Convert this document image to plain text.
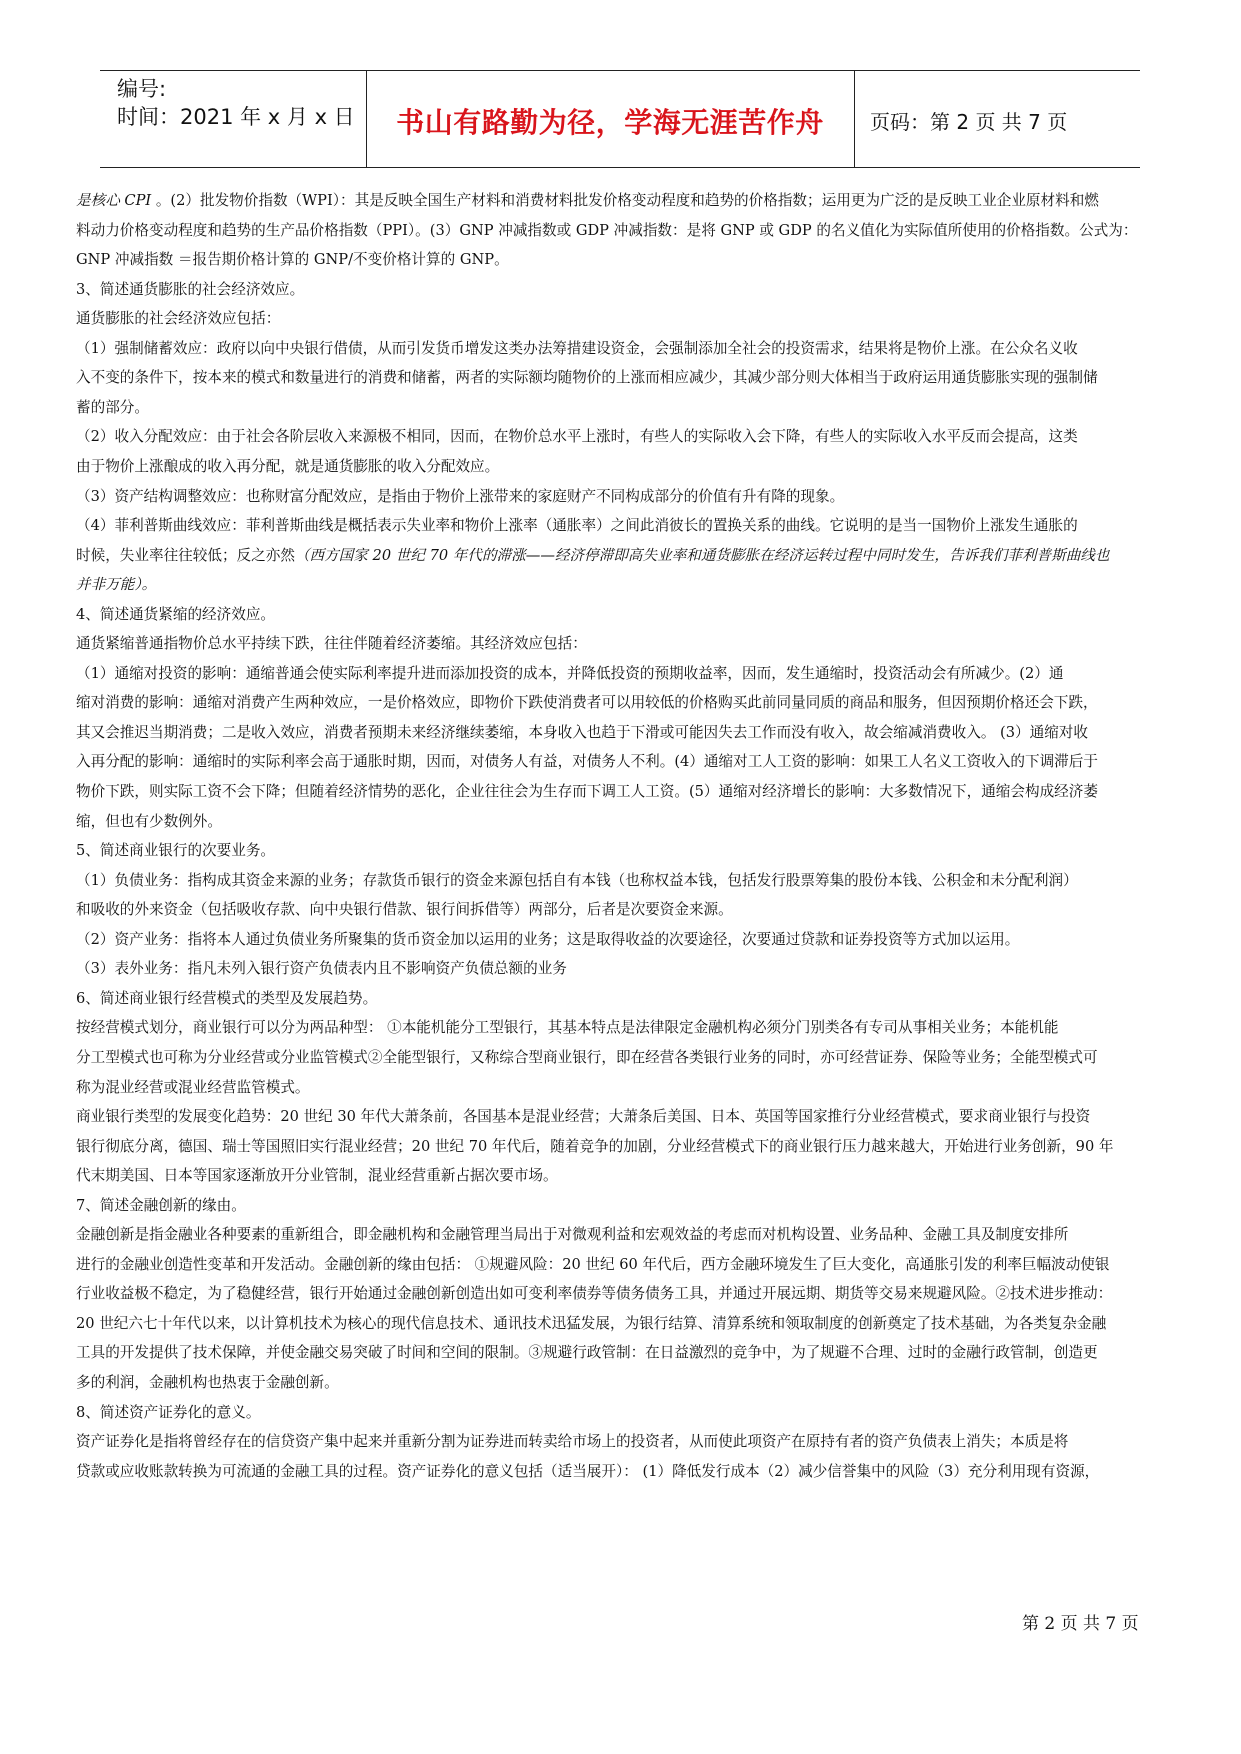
编号:
时间：2021 年 x 月 x 日	书山有路勤为径，学海无涯苦作舟	页码：第 2 页 共 7 页
是核心 CPI 。(2）批发物价指数（WPI）：其是反映全国生产材料和消费材料批发价格变动程度和趋势的价格指数；运用更为广泛的是反映工业企业原材料和燃
料动力价格变动程度和趋势的生产品价格指数（PPI）。(3）GNP 冲减指数或 GDP 冲减指数：是将 GNP 或 GDP 的名义值化为实际值所使用的价格指数。公式为：
GNP 冲减指数 ＝报告期价格计算的 GNP/不变价格计算的 GNP。
3、简述通货膨胀的社会经济效应。
通货膨胀的社会经济效应包括：
（1）强制储蓄效应：政府以向中央银行借债，从而引发货币增发这类办法筹措建设资金，会强制添加全社会的投资需求，结果将是物价上涨。在公众名义收
入不变的条件下，按本来的模式和数量进行的消费和储蓄，两者的实际额均随物价的上涨而相应减少，其减少部分则大体相当于政府运用通货膨胀实现的强制储
蓄的部分。
（2）收入分配效应：由于社会各阶层收入来源极不相同，因而，在物价总水平上涨时，有些人的实际收入会下降，有些人的实际收入水平反而会提高，这类
由于物价上涨酿成的收入再分配，就是通货膨胀的收入分配效应。
（3）资产结构调整效应：也称财富分配效应，是指由于物价上涨带来的家庭财产不同构成部分的价值有升有降的现象。
（4）菲利普斯曲线效应：菲利普斯曲线是概括表示失业率和物价上涨率（通胀率）之间此消彼长的置换关系的曲线。它说明的是当一国物价上涨发生通胀的
时候，失业率往往较低；反之亦然（西方国家 20 世纪 70 年代的滞涨——经济停滞即高失业率和通货膨胀在经济运转过程中同时发生，告诉我们菲利普斯曲线也
并非万能）。
4、简述通货紧缩的经济效应。
通货紧缩普通指物价总水平持续下跌，往往伴随着经济萎缩。其经济效应包括：
（1）通缩对投资的影响：通缩普通会使实际利率提升进而添加投资的成本，并降低投资的预期收益率，因而，发生通缩时，投资活动会有所减少。(2）通
缩对消费的影响：通缩对消费产生两种效应，一是价格效应，即物价下跌使消费者可以用较低的价格购买此前同量同质的商品和服务，但因预期价格还会下跌，
其又会推迟当期消费；二是收入效应，消费者预期未来经济继续萎缩，本身收入也趋于下滑或可能因失去工作而没有收入，故会缩减消费收入。 (3）通缩对收
入再分配的影响：通缩时的实际利率会高于通胀时期，因而，对债务人有益，对债务人不利。(4）通缩对工人工资的影响：如果工人名义工资收入的下调滞后于
物价下跌，则实际工资不会下降；但随着经济情势的恶化，企业往往会为生存而下调工人工资。(5）通缩对经济增长的影响：大多数情况下，通缩会构成经济萎
缩，但也有少数例外。
5、简述商业银行的次要业务。
（1）负债业务：指构成其资金来源的业务；存款货币银行的资金来源包括自有本钱（也称权益本钱，包括发行股票筹集的股份本钱、公积金和未分配利润）
和吸收的外来资金（包括吸收存款、向中央银行借款、银行间拆借等）两部分，后者是次要资金来源。
（2）资产业务：指将本人通过负债业务所聚集的货币资金加以运用的业务；这是取得收益的次要途径，次要通过贷款和证券投资等方式加以运用。
（3）表外业务：指凡未列入银行资产负债表内且不影响资产负债总额的业务
6、简述商业银行经营模式的类型及发展趋势。
按经营模式划分，商业银行可以分为两品种型： ①本能机能分工型银行，其基本特点是法律限定金融机构必须分门别类各有专司从事相关业务；本能机能
分工型模式也可称为分业经营或分业监管模式②全能型银行，又称综合型商业银行，即在经营各类银行业务的同时，亦可经营证券、保险等业务；全能型模式可
称为混业经营或混业经营监管模式。
商业银行类型的发展变化趋势：20 世纪 30 年代大萧条前，各国基本是混业经营；大萧条后美国、日本、英国等国家推行分业经营模式，要求商业银行与投资
银行彻底分离，德国、瑞士等国照旧实行混业经营；20 世纪 70 年代后，随着竞争的加剧，分业经营模式下的商业银行压力越来越大，开始进行业务创新，90 年
代末期美国、日本等国家逐渐放开分业管制，混业经营重新占据次要市场。
7、简述金融创新的缘由。
金融创新是指金融业各种要素的重新组合，即金融机构和金融管理当局出于对微观利益和宏观效益的考虑而对机构设置、业务品种、金融工具及制度安排所
进行的金融业创造性变革和开发活动。金融创新的缘由包括： ①规避风险：20 世纪 60 年代后，西方金融环境发生了巨大变化，高通胀引发的利率巨幅波动使银
行业收益极不稳定，为了稳健经营，银行开始通过金融创新创造出如可变利率债券等债务债务工具，并通过开展远期、期货等交易来规避风险。②技术进步推动：
20 世纪六七十年代以来，以计算机技术为核心的现代信息技术、通讯技术迅猛发展，为银行结算、清算系统和领取制度的创新奠定了技术基础，为各类复杂金融
工具的开发提供了技术保障，并使金融交易突破了时间和空间的限制。③规避行政管制：在日益激烈的竞争中，为了规避不合理、过时的金融行政管制，创造更
多的利润，金融机构也热衷于金融创新。
8、简述资产证券化的意义。
资产证券化是指将曾经存在的信贷资产集中起来并重新分割为证券进而转卖给市场上的投资者，从而使此项资产在原持有者的资产负债表上消失；本质是将
贷款或应收账款转换为可流通的金融工具的过程。资产证券化的意义包括（适当展开）： (1）降低发行成本（2）减少信誉集中的风险（3）充分利用现有资源，
第 2 页 共 7 页
